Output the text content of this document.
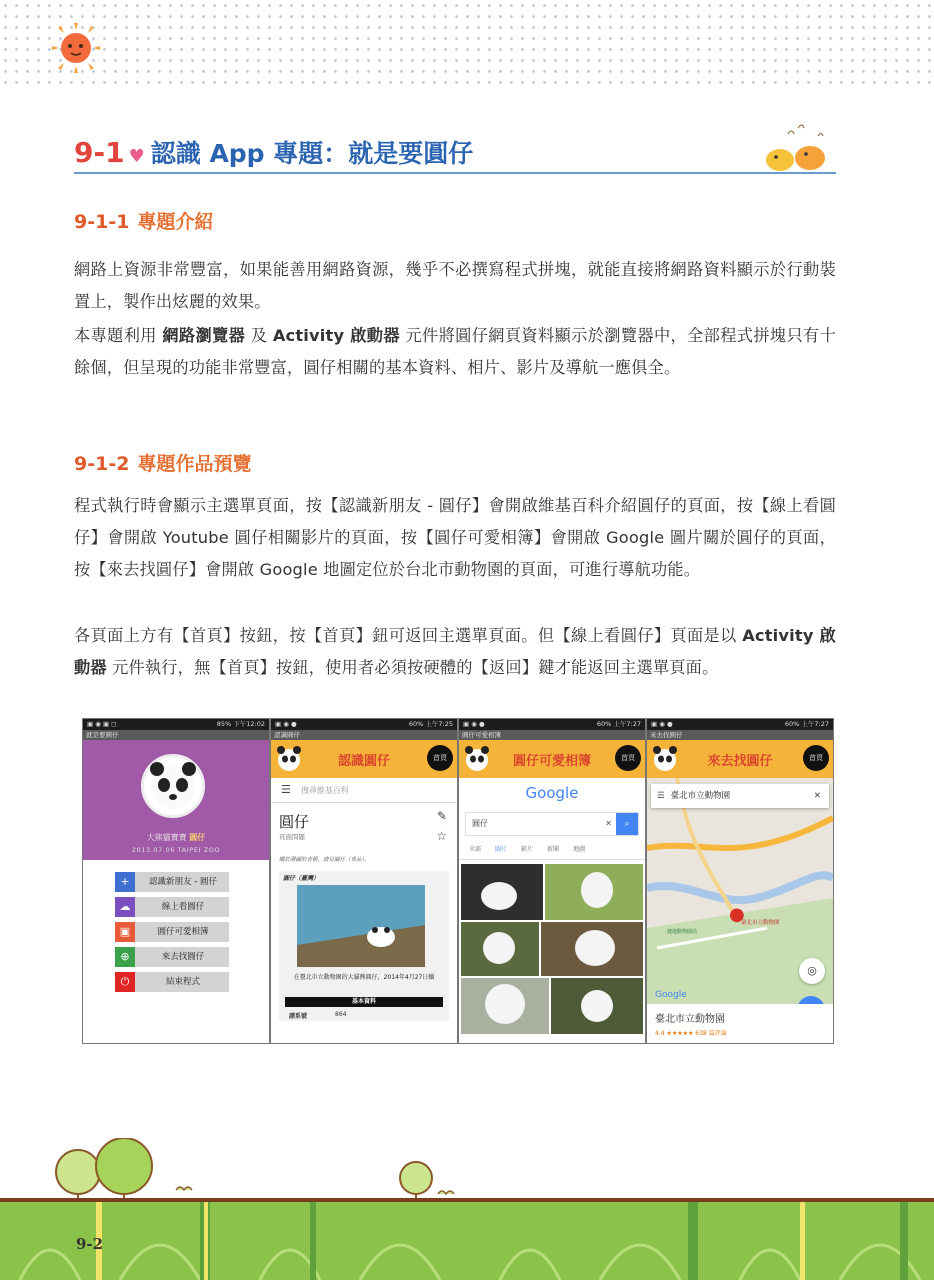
9-1 ♥ 認識 App 專題：就是要圓仔
9-1-1 專題介紹

網路上資源非常豐富，如果能善用網路資源，幾乎不必撰寫程式拼塊，就能直接將網路資料顯示於行動裝置上，製作出炫麗的效果。

本專題利用 網路瀏覽器 及 Activity 啟動器 元件將圓仔網頁資料顯示於瀏覽器中，全部程式拼塊只有十餘個，但呈現的功能非常豐富，圓仔相關的基本資料、相片、影片及導航一應俱全。

9-1-2 專題作品預覽

程式執行時會顯示主選單頁面，按【認識新朋友 - 圓仔】會開啟維基百科介紹圓仔的頁面，按【線上看圓仔】會開啟 Youtube 圓仔相關影片的頁面，按【圓仔可愛相簿】會開啟 Google 圖片關於圓仔的頁面，按【來去找圓仔】會開啟 Google 地圖定位於台北市動物園的頁面，可進行導航功能。

各頁面上方有【首頁】按鈕，按【首頁】鈕可返回主選單頁面。但【線上看圓仔】頁面是以 Activity 啟動器 元件執行，無【首頁】按鈕，使用者必須按硬體的【返回】鍵才能返回主選單頁面。

85% 下午12:02
▣ ◉ ▣ ◻
就是要圓仔
大熊貓寶寶 圓仔
2013.07.06 TAIPEI ZOO
+	認識新朋友 - 圓仔
☁	線上看圓仔
▣	圓仔可愛相簿
⊕	來去找圓仔
⏻	結束程式
60% 上午7:25
▣ ◉ ●
認識圓仔
認識圓仔	首頁
☰ 搜尋維基百科
圓仔
頁面問題
✎
☆
關於濕圓的省稱，請見圓仔（食品）。
圓仔（臺灣）
在臺北市立動物園的大貓熊圓仔，2014年4月27日攝
基本資料
譜系號	864
60% 上午7:27
▣ ◉ ●
圓仔可愛相簿
圓仔可愛相簿	首頁
Google
圓仔	✕	⌕
全部 圖片 影片 新聞 地圖
60% 上午7:27
▣ ◉ ●
來去找圓仔
來去找圓仔	首頁
☰ 臺北市立動物園	✕
●
臺北市立動物園
捷運動物園站
◎
Google
臺北市立動物園
4.4 ★★★★★ 638 篇評論
9-2
